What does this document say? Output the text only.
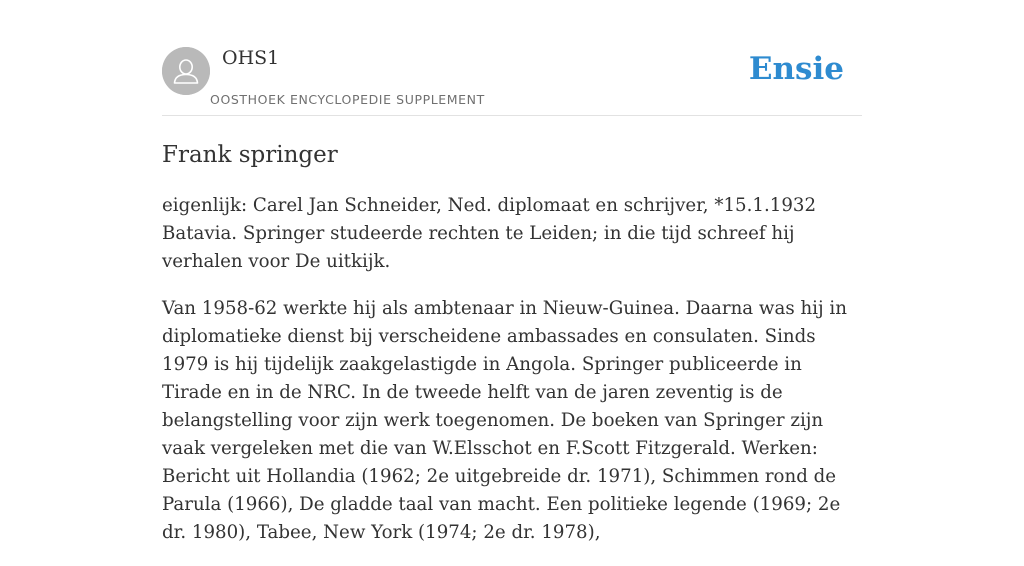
OHS1
OOSTHOEK ENCYCLOPEDIE SUPPLEMENT
Ensie
Frank springer

eigenlijk: Carel Jan Schneider, Ned. diplomaat en schrijver, *15.1.1932 Batavia. Springer studeerde rechten te Leiden; in die tijd schreef hij verhalen voor De uitkijk.

Van 1958-62 werkte hij als ambtenaar in Nieuw-Guinea. Daarna was hij in diplomatieke dienst bij verscheidene ambassades en consulaten. Sinds 1979 is hij tijdelijk zaakgelastigde in Angola. Springer publiceerde in Tirade en in de NRC. In de tweede helft van de jaren zeventig is de belangstelling voor zijn werk toegenomen. De boeken van Springer zijn vaak vergeleken met die van W.Elsschot en F.Scott Fitzgerald. Werken: Bericht uit Hollandia (1962; 2e uitgebreide dr. 1971), Schimmen rond de Parula (1966), De gladde taal van macht. Een politieke legende (1969; 2e dr. 1980), Tabee, New York (1974; 2e dr. 1978),
